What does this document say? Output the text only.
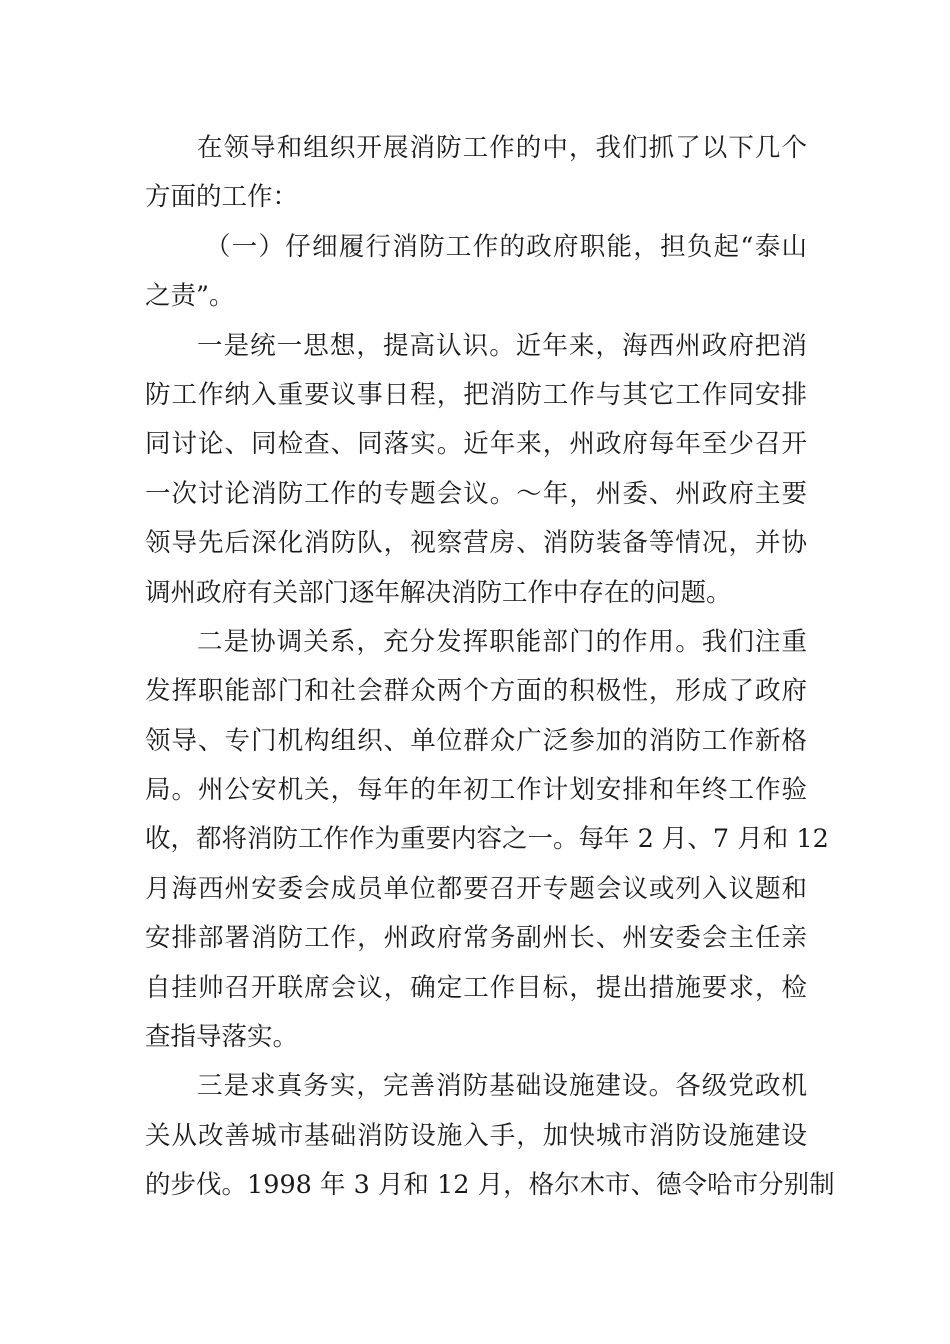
在领导和组织开展消防工作的中，我们抓了以下几个
方面的工作：
（一）仔细履行消防工作的政府职能，担负起“泰山
之责”。
一是统一思想，提高认识。近年来，海西州政府把消
防工作纳入重要议事日程，把消防工作与其它工作同安排
同讨论、同检查、同落实。近年来，州政府每年至少召开
一次讨论消防工作的专题会议。～年，州委、州政府主要
领导先后深化消防队，视察营房、消防装备等情况，并协
调州政府有关部门逐年解决消防工作中存在的问题。
二是协调关系，充分发挥职能部门的作用。我们注重
发挥职能部门和社会群众两个方面的积极性，形成了政府
领导、专门机构组织、单位群众广泛参加的消防工作新格
局。州公安机关，每年的年初工作计划安排和年终工作验
收，都将消防工作作为重要内容之一。每年 2 月、7 月和 12
月海西州安委会成员单位都要召开专题会议或列入议题和
安排部署消防工作，州政府常务副州长、州安委会主任亲
自挂帅召开联席会议，确定工作目标，提出措施要求，检
查指导落实。
三是求真务实，完善消防基础设施建设。各级党政机
关从改善城市基础消防设施入手，加快城市消防设施建设
的步伐。1998 年 3 月和 12 月，格尔木市、德令哈市分别制
